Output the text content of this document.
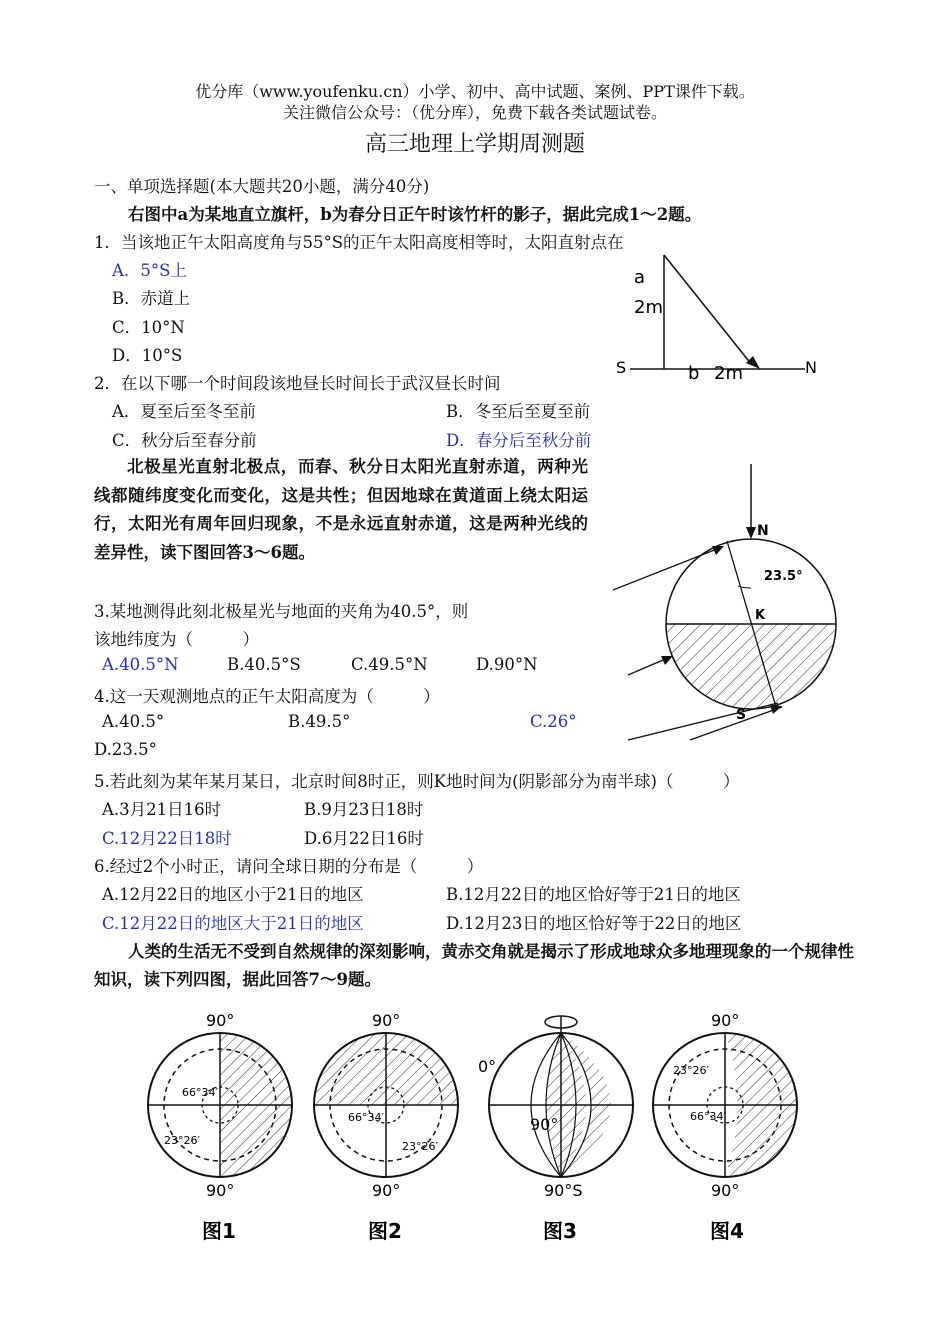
优分库（www.youfenku.cn）小学、初中、高中试题、案例、PPT课件下载。
关注微信公众号：（优分库），免费下载各类试题试卷。
高三地理上学期周测题
一、单项选择题(本大题共20小题，满分40分)
右图中a为某地直立旗杆，b为春分日正午时该竹杆的影子，据此完成1～2题。
1．当该地正午太阳高度角与55°S的正午太阳高度相等时，太阳直射点在
A．5°S上
B．赤道上
C．10°N
D．10°S
2．在以下哪一个时间段该地昼长时间长于武汉昼长时间
A．夏至后至冬至前	B．冬至后至夏至前
C．秋分后至春分前	D．春分后至秋分前
北极星光直射北极点，而春、秋分日太阳光直射赤道，两种光线都随纬度变化而变化，这是共性；但因地球在黄道面上绕太阳运行，太阳光有周年回归现象，不是永远直射赤道，这是两种光线的差异性，读下图回答3～6题。
3.某地测得此刻北极星光与地面的夹角为40.5°，则
该地纬度为（　　　）
A.40.5°N	B.40.5°S	C.49.5°N	D.90°N
4.这一天观测地点的正午太阳高度为（　　　）
A.40.5°	B.49.5°	C.26°
D.23.5°
5.若此刻为某年某月某日，北京时间8时正，则K地时间为(阴影部分为南半球)（　　　）
A.3月21日16时	B.9月23日18时
C.12月22日18时	D.6月22日16时
6.经过2个小时正，请问全球日期的分布是（　　　）
A.12月22日的地区小于21日的地区	B.12月22日的地区恰好等于21日的地区
C.12月22日的地区大于21日的地区	D.12月23日的地区恰好等于22日的地区
人类的生活无不受到自然规律的深刻影响，黄赤交角就是揭示了形成地球众多地理现象的一个规律性知识，读下列四图，据此回答7～9题。
a
2m
S	b 2m	N
N
23.5°
K
S
90°
90°
66°34′
23°26′
90°
90°
66°34′
23°26′
0°
90°
90°S
90°
90°
23°26′
66°34′
图1	图2	图3	图4
